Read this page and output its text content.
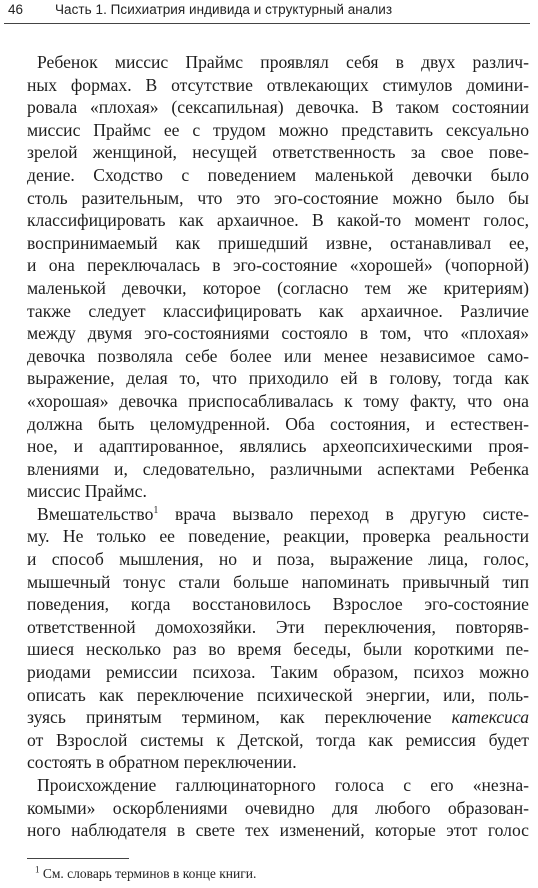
46 Часть 1. Психиатрия индивида и структурный анализ

Ребенок миссис Праймс проявлял себя в двух различ-
ных формах. В отсутствие отвлекающих стимулов домини-
ровала «плохая» (сексапильная) девочка. В таком состоянии
миссис Праймс ее с трудом можно представить сексуально
зрелой женщиной, несущей ответственность за свое пове-
дение. Сходство с поведением маленькой девочки было
столь разительным, что это эго-состояние можно было бы
классифицировать как архаичное. В какой-то момент голос,
воспринимаемый как пришедший извне, останавливал ее,
и она переключалась в эго-состояние «хорошей» (чопорной)
маленькой девочки, которое (согласно тем же критериям)
также следует классифицировать как архаичное. Различие
между двумя эго-состояниями состояло в том, что «плохая»
девочка позволяла себе более или менее независимое само-
выражение, делая то, что приходило ей в голову, тогда как
«хорошая» девочка приспосабливалась к тому факту, что она
должна быть целомудренной. Оба состояния, и естествен-
ное, и адаптированное, являлись археопсихическими проя-
влениями и, следовательно, различными аспектами Ребенка
миссис Праймс.

Вмешательство$^1$ врача вызвало переход в другую систе-
му. Не только ее поведение, реакции, проверка реальности
и способ мышления, но и поза, выражение лица, голос,
мышечный тонус стали больше напоминать привычный тип
поведения, когда восстановилось Взрослое эго-состояние
ответственной домохозяйки. Эти переключения, повторяв-
шиеся несколько раз во время беседы, были короткими пе-
риодами ремиссии психоза. Таким образом, психоз можно
описать как переключение психической энергии, или, поль-
зуясь принятым термином, как переключение катексиса
от Взрослой системы к Детской, тогда как ремиссия будет
состоять в обратном переключении.

Происхождение галлюцинаторного голоса с его «незна-
комыми» оскорблениями очевидно для любого образован-
ного наблюдателя в свете тех изменений, которые этот голос

$^1$ См. словарь терминов в конце книги.
